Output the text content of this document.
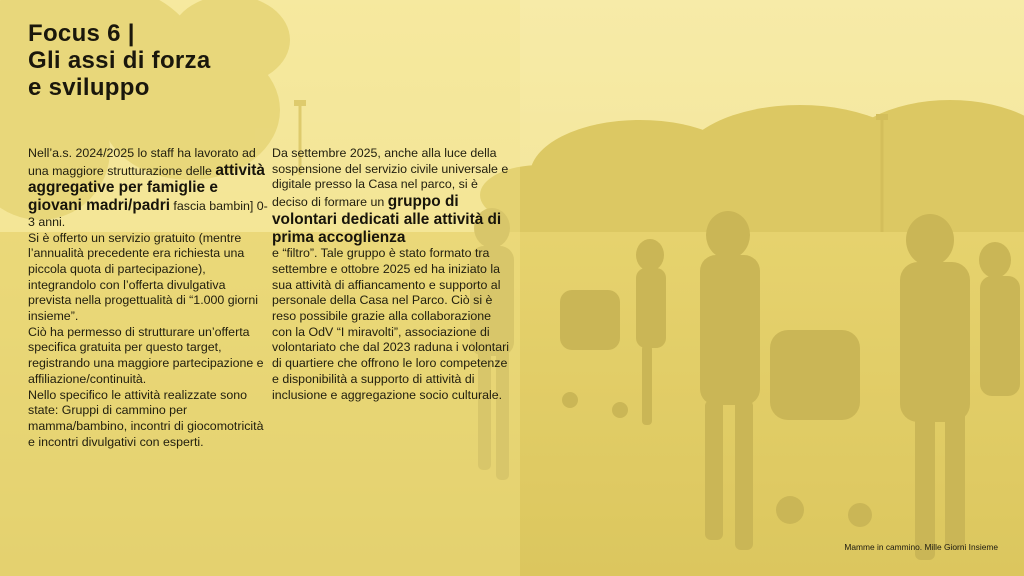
Focus 6 |
Gli assi di forza
e sviluppo

Nell’a.s. 2024/2025 lo staff ha lavorato ad una maggiore strutturazione delle attività aggregative per famiglie e giovani madri/padri fascia bambin] 0-3 anni.

Si è offerto un servizio gratuito (mentre l’annualità precedente era richiesta una piccola quota di partecipazione), integrandolo con l’offerta divulgativa prevista nella progettualità di “1.000 giorni insieme”.

Ciò ha permesso di strutturare un’offerta specifica gratuita per questo target, registrando una maggiore partecipazione e affiliazione/continuità.

Nello specifico le attività realizzate sono state: Gruppi di cammino per mamma/bambino, incontri di giocomotricità e incontri divulgativi con esperti.

Da settembre 2025, anche alla luce della sospensione del servizio civile universale e digitale presso la Casa nel parco, si è deciso di formare un gruppo di volontari dedicati alle attività di prima accoglienza

e “filtro”. Tale gruppo è stato formato tra settembre e ottobre 2025 ed ha iniziato la sua attività di affiancamento e supporto al personale della Casa nel Parco. Ciò si è reso possibile grazie alla collaborazione con la OdV “I miravolti”, associazione di volontariato che dal 2023 raduna i volontari di quartiere che offrono le loro competenze e disponibilità a supporto di attività di inclusione e aggregazione socio culturale.

Mamme in cammino. Mille Giorni Insieme
